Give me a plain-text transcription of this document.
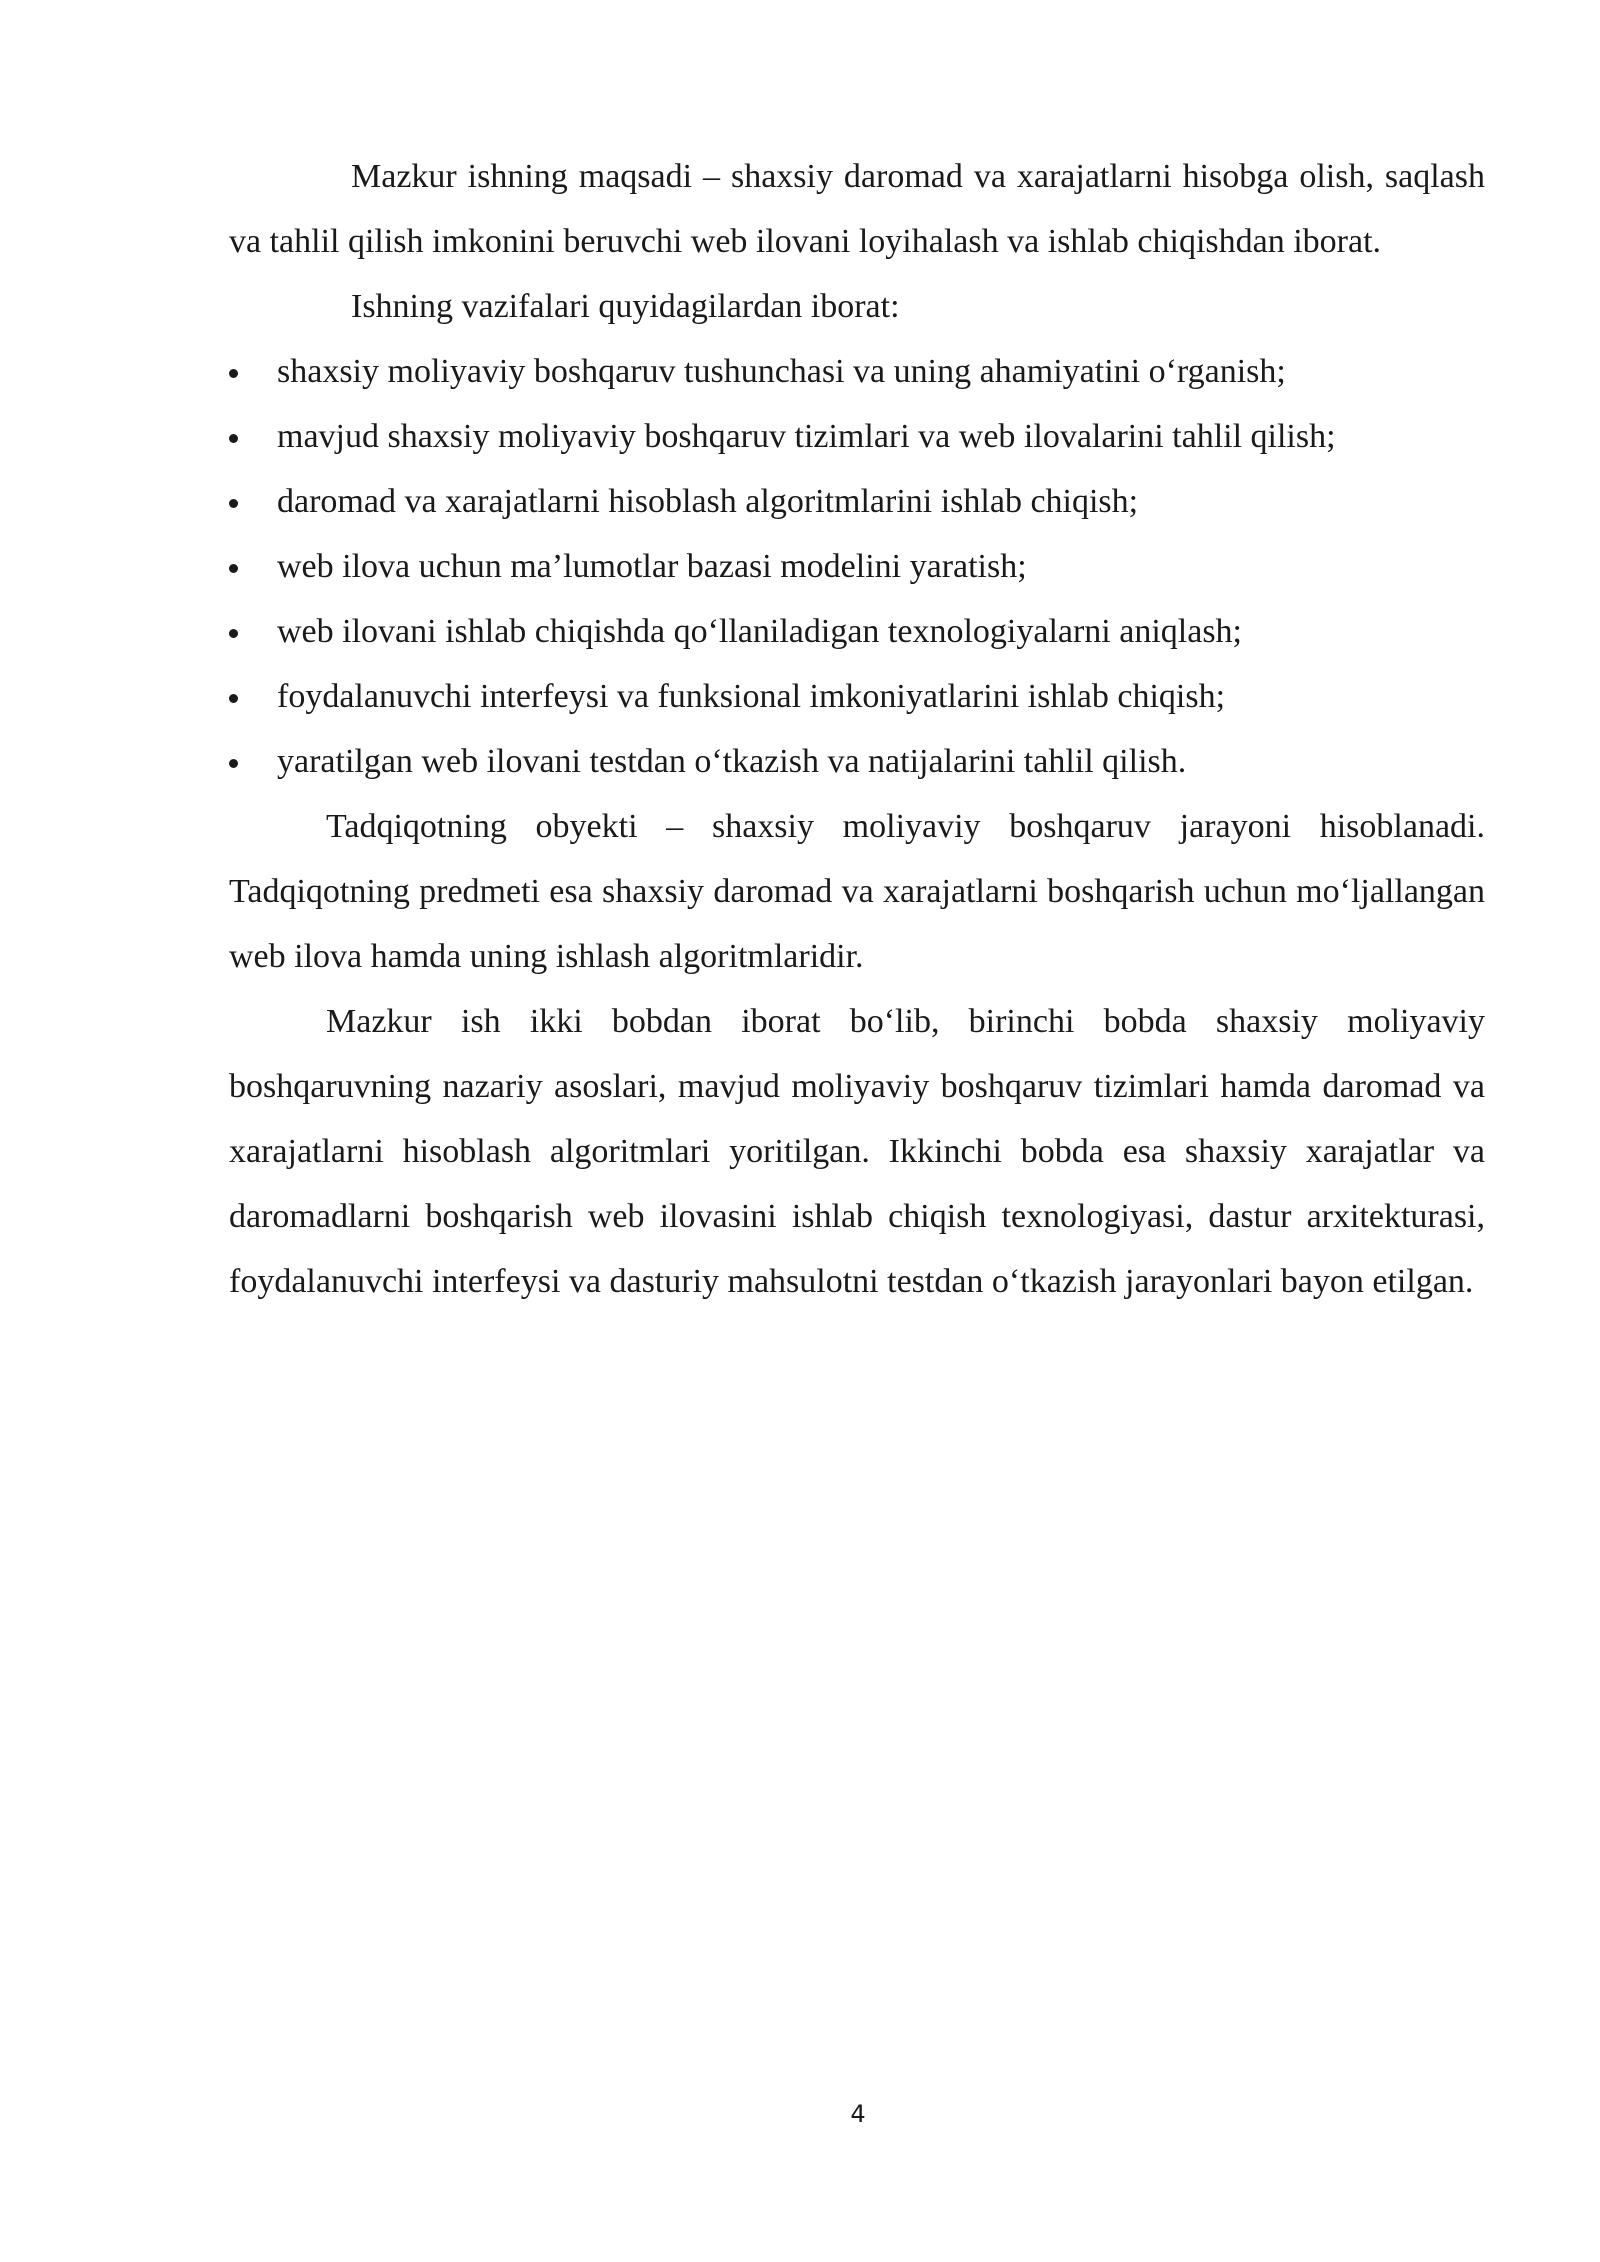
Mazkur ishning maqsadi – shaxsiy daromad va xarajatlarni hisobga olish, saqlash va tahlil qilish imkonini beruvchi web ilovani loyihalash va ishlab chiqishdan iborat.

Ishning vazifalari quyidagilardan iborat:

shaxsiy moliyaviy boshqaruv tushunchasi va uning ahamiyatini o‘rganish;
mavjud shaxsiy moliyaviy boshqaruv tizimlari va web ilovalarini tahlil qilish;
daromad va xarajatlarni hisoblash algoritmlarini ishlab chiqish;
web ilova uchun ma’lumotlar bazasi modelini yaratish;
web ilovani ishlab chiqishda qo‘llaniladigan texnologiyalarni aniqlash;
foydalanuvchi interfeysi va funksional imkoniyatlarini ishlab chiqish;
yaratilgan web ilovani testdan o‘tkazish va natijalarini tahlil qilish.

Tadqiqotning obyekti – shaxsiy moliyaviy boshqaruv jarayoni hisoblanadi. Tadqiqotning predmeti esa shaxsiy daromad va xarajatlarni boshqarish uchun mo‘ljallangan web ilova hamda uning ishlash algoritmlaridir.

Mazkur ish ikki bobdan iborat bo‘lib, birinchi bobda shaxsiy moliyaviy boshqaruvning nazariy asoslari, mavjud moliyaviy boshqaruv tizimlari hamda daromad va xarajatlarni hisoblash algoritmlari yoritilgan. Ikkinchi bobda esa shaxsiy xarajatlar va daromadlarni boshqarish web ilovasini ishlab chiqish texnologiyasi, dastur arxitekturasi, foydalanuvchi interfeysi va dasturiy mahsulotni testdan o‘tkazish jarayonlari bayon etilgan.

4
